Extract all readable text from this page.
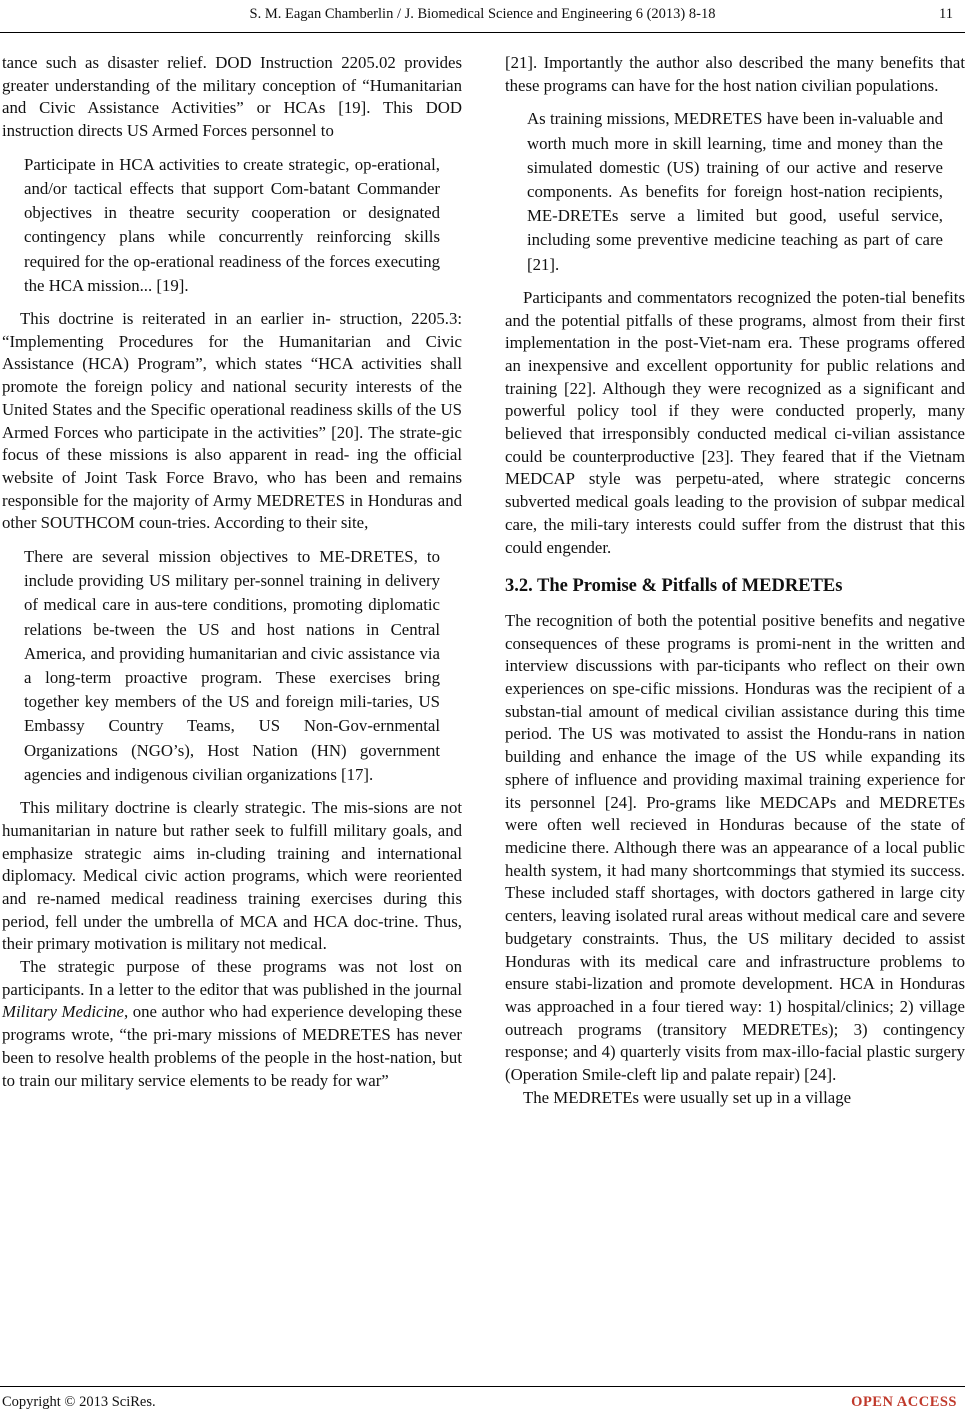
S. M. Eagan Chamberlin / J. Biomedical Science and Engineering 6 (2013) 8-18	11

tance such as disaster relief. DOD Instruction 2205.02 provides greater understanding of the military conception of “Humanitarian and Civic Assistance Activities” or HCAs [19]. This DOD instruction directs US Armed Forces personnel to

Participate in HCA activities to create strategic, op-erational, and/or tactical effects that support Com-batant Commander objectives in theatre security cooperation or designated contingency plans while concurrently reinforcing skills required for the op-erational readiness of the forces executing the HCA mission... [19].

This doctrine is reiterated in an earlier in- struction, 2205.3: “Implementing Procedures for the Humanitarian and Civic Assistance (HCA) Program”, which states “HCA activities shall promote the foreign policy and national security interests of the United States and the Specific operational readiness skills of the US Armed Forces who participate in the activities” [20]. The strate-gic focus of these missions is also apparent in read- ing the official website of Joint Task Force Bravo, who has been and remains responsible for the majority of Army MEDRETES in Honduras and other SOUTHCOM coun-tries. According to their site,

There are several mission objectives to ME-DRETES, to include providing US military per-sonnel training in delivery of medical care in aus-tere conditions, promoting diplomatic relations be-tween the US and host nations in Central America, and providing humanitarian and civic assistance via a long-term proactive program. These exercises bring together key members of the US and foreign mili-taries, US Embassy Country Teams, US Non-Gov-ernmental Organizations (NGO’s), Host Nation (HN) government agencies and indigenous civilian organizations [17].

This military doctrine is clearly strategic. The mis-sions are not humanitarian in nature but rather seek to fulfill military goals, and emphasize strategic aims in-cluding training and international diplomacy. Medical civic action programs, which were reoriented and re-named medical readiness training exercises during this period, fell under the umbrella of MCA and HCA doc-trine. Thus, their primary motivation is military not medical.

The strategic purpose of these programs was not lost on participants. In a letter to the editor that was published in the journal Military Medicine, one author who had experience developing these programs wrote, “the pri-mary missions of MEDRETES has never been to resolve health problems of the people in the host-nation, but to train our military service elements to be ready for war”

[21]. Importantly the author also described the many benefits that these programs can have for the host nation civilian populations.

As training missions, MEDRETES have been in-valuable and worth much more in skill learning, time and money than the simulated domestic (US) training of our active and reserve components. As benefits for foreign host-nation recipients, ME-DRETEs serve a limited but good, useful service, including some preventive medicine teaching as part of care [21].

Participants and commentators recognized the poten-tial benefits and the potential pitfalls of these programs, almost from their first implementation in the post-Viet-nam era. These programs offered an inexpensive and excellent opportunity for public relations and training [22]. Although they were recognized as a significant and powerful policy tool if they were conducted properly, many believed that irresponsibly conducted medical ci-vilian assistance could be counterproductive [23]. They feared that if the Vietnam MEDCAP style was perpetu-ated, where strategic concerns subverted medical goals leading to the provision of subpar medical care, the mili-tary interests could suffer from the distrust that this could engender.

3.2. The Promise & Pitfalls of MEDRETEs

The recognition of both the potential positive benefits and negative consequences of these programs is promi-nent in the written and interview discussions with par-ticipants who reflect on their own experiences on spe-cific missions. Honduras was the recipient of a substan-tial amount of medical civilian assistance during this time period. The US was motivated to assist the Hondu-rans in nation building and enhance the image of the US while expanding its sphere of influence and providing maximal training experience for its personnel [24]. Pro-grams like MEDCAPs and MEDRETEs were often well recieved in Honduras because of the state of medicine there. Although there was an appearance of a local public health system, it had many shortcommings that stymied its success. These included staff shortages, with doctors gathered in large city centers, leaving isolated rural areas without medical care and severe budgetary constraints. Thus, the US military decided to assist Honduras with its medical care and infrastructure problems to ensure stabi-lization and promote development. HCA in Honduras was approached in a four tiered way: 1) hospital/clinics; 2) village outreach programs (transitory MEDRETEs); 3) contingency response; and 4) quarterly visits from max-illo-facial plastic surgery (Operation Smile-cleft lip and palate repair) [24].

The MEDRETEs were usually set up in a village

Copyright © 2013 SciRes.	OPEN ACCESS
